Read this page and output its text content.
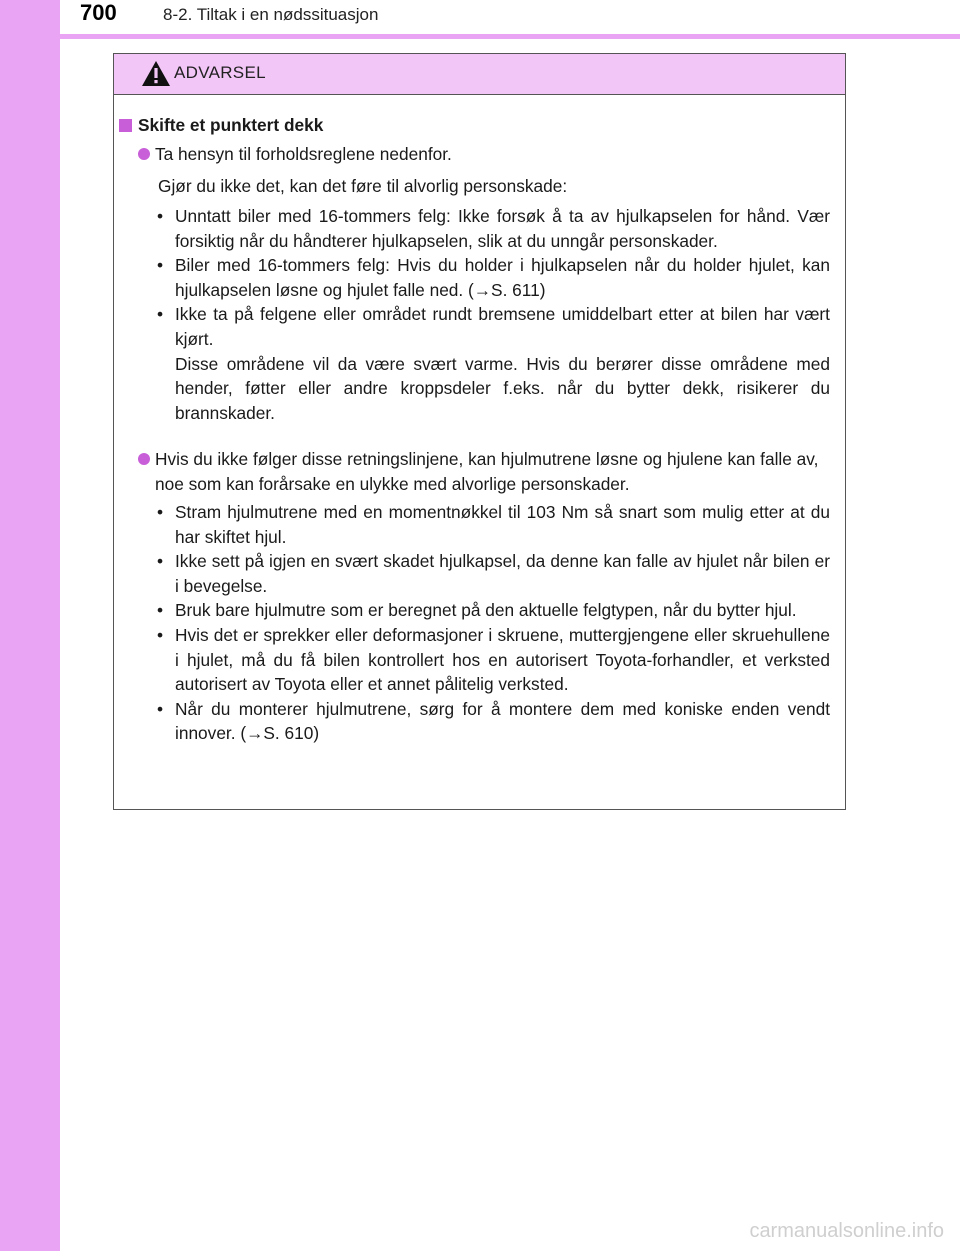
700	8-2. Tiltak i en nødssituasjon
ADVARSEL
Skifte et punktert dekk
Ta hensyn til forholdsreglene nedenfor.
Gjør du ikke det, kan det føre til alvorlig personskade:
• Unntatt biler med 16-tommers felg: Ikke forsøk å ta av hjulkapselen for hånd. Vær forsiktig når du håndterer hjulkapselen, slik at du unngår personskader.
• Biler med 16-tommers felg: Hvis du holder i hjulkapselen når du holder hjulet, kan hjulkapselen løsne og hjulet falle ned. (→S. 611)
• Ikke ta på felgene eller området rundt bremsene umiddelbart etter at bilen har vært kjørt.
Disse områdene vil da være svært varme. Hvis du berører disse områdene med hender, føtter eller andre kroppsdeler f.eks. når du bytter dekk, risikerer du brannskader.
Hvis du ikke følger disse retningslinjene, kan hjulmutrene løsne og hjulene kan falle av, noe som kan forårsake en ulykke med alvorlige personskader.
• Stram hjulmutrene med en momentnøkkel til 103 Nm så snart som mulig etter at du har skiftet hjul.
• Ikke sett på igjen en svært skadet hjulkapsel, da denne kan falle av hjulet når bilen er i bevegelse.
• Bruk bare hjulmutre som er beregnet på den aktuelle felgtypen, når du bytter hjul.
• Hvis det er sprekker eller deformasjoner i skruene, muttergjengene eller skruehullene i hjulet, må du få bilen kontrollert hos en autorisert Toyota-forhandler, et verksted autorisert av Toyota eller et annet pålitelig verksted.
• Når du monterer hjulmutrene, sørg for å montere dem med koniske enden vendt innover. (→S. 610)
carmanualsonline.info
